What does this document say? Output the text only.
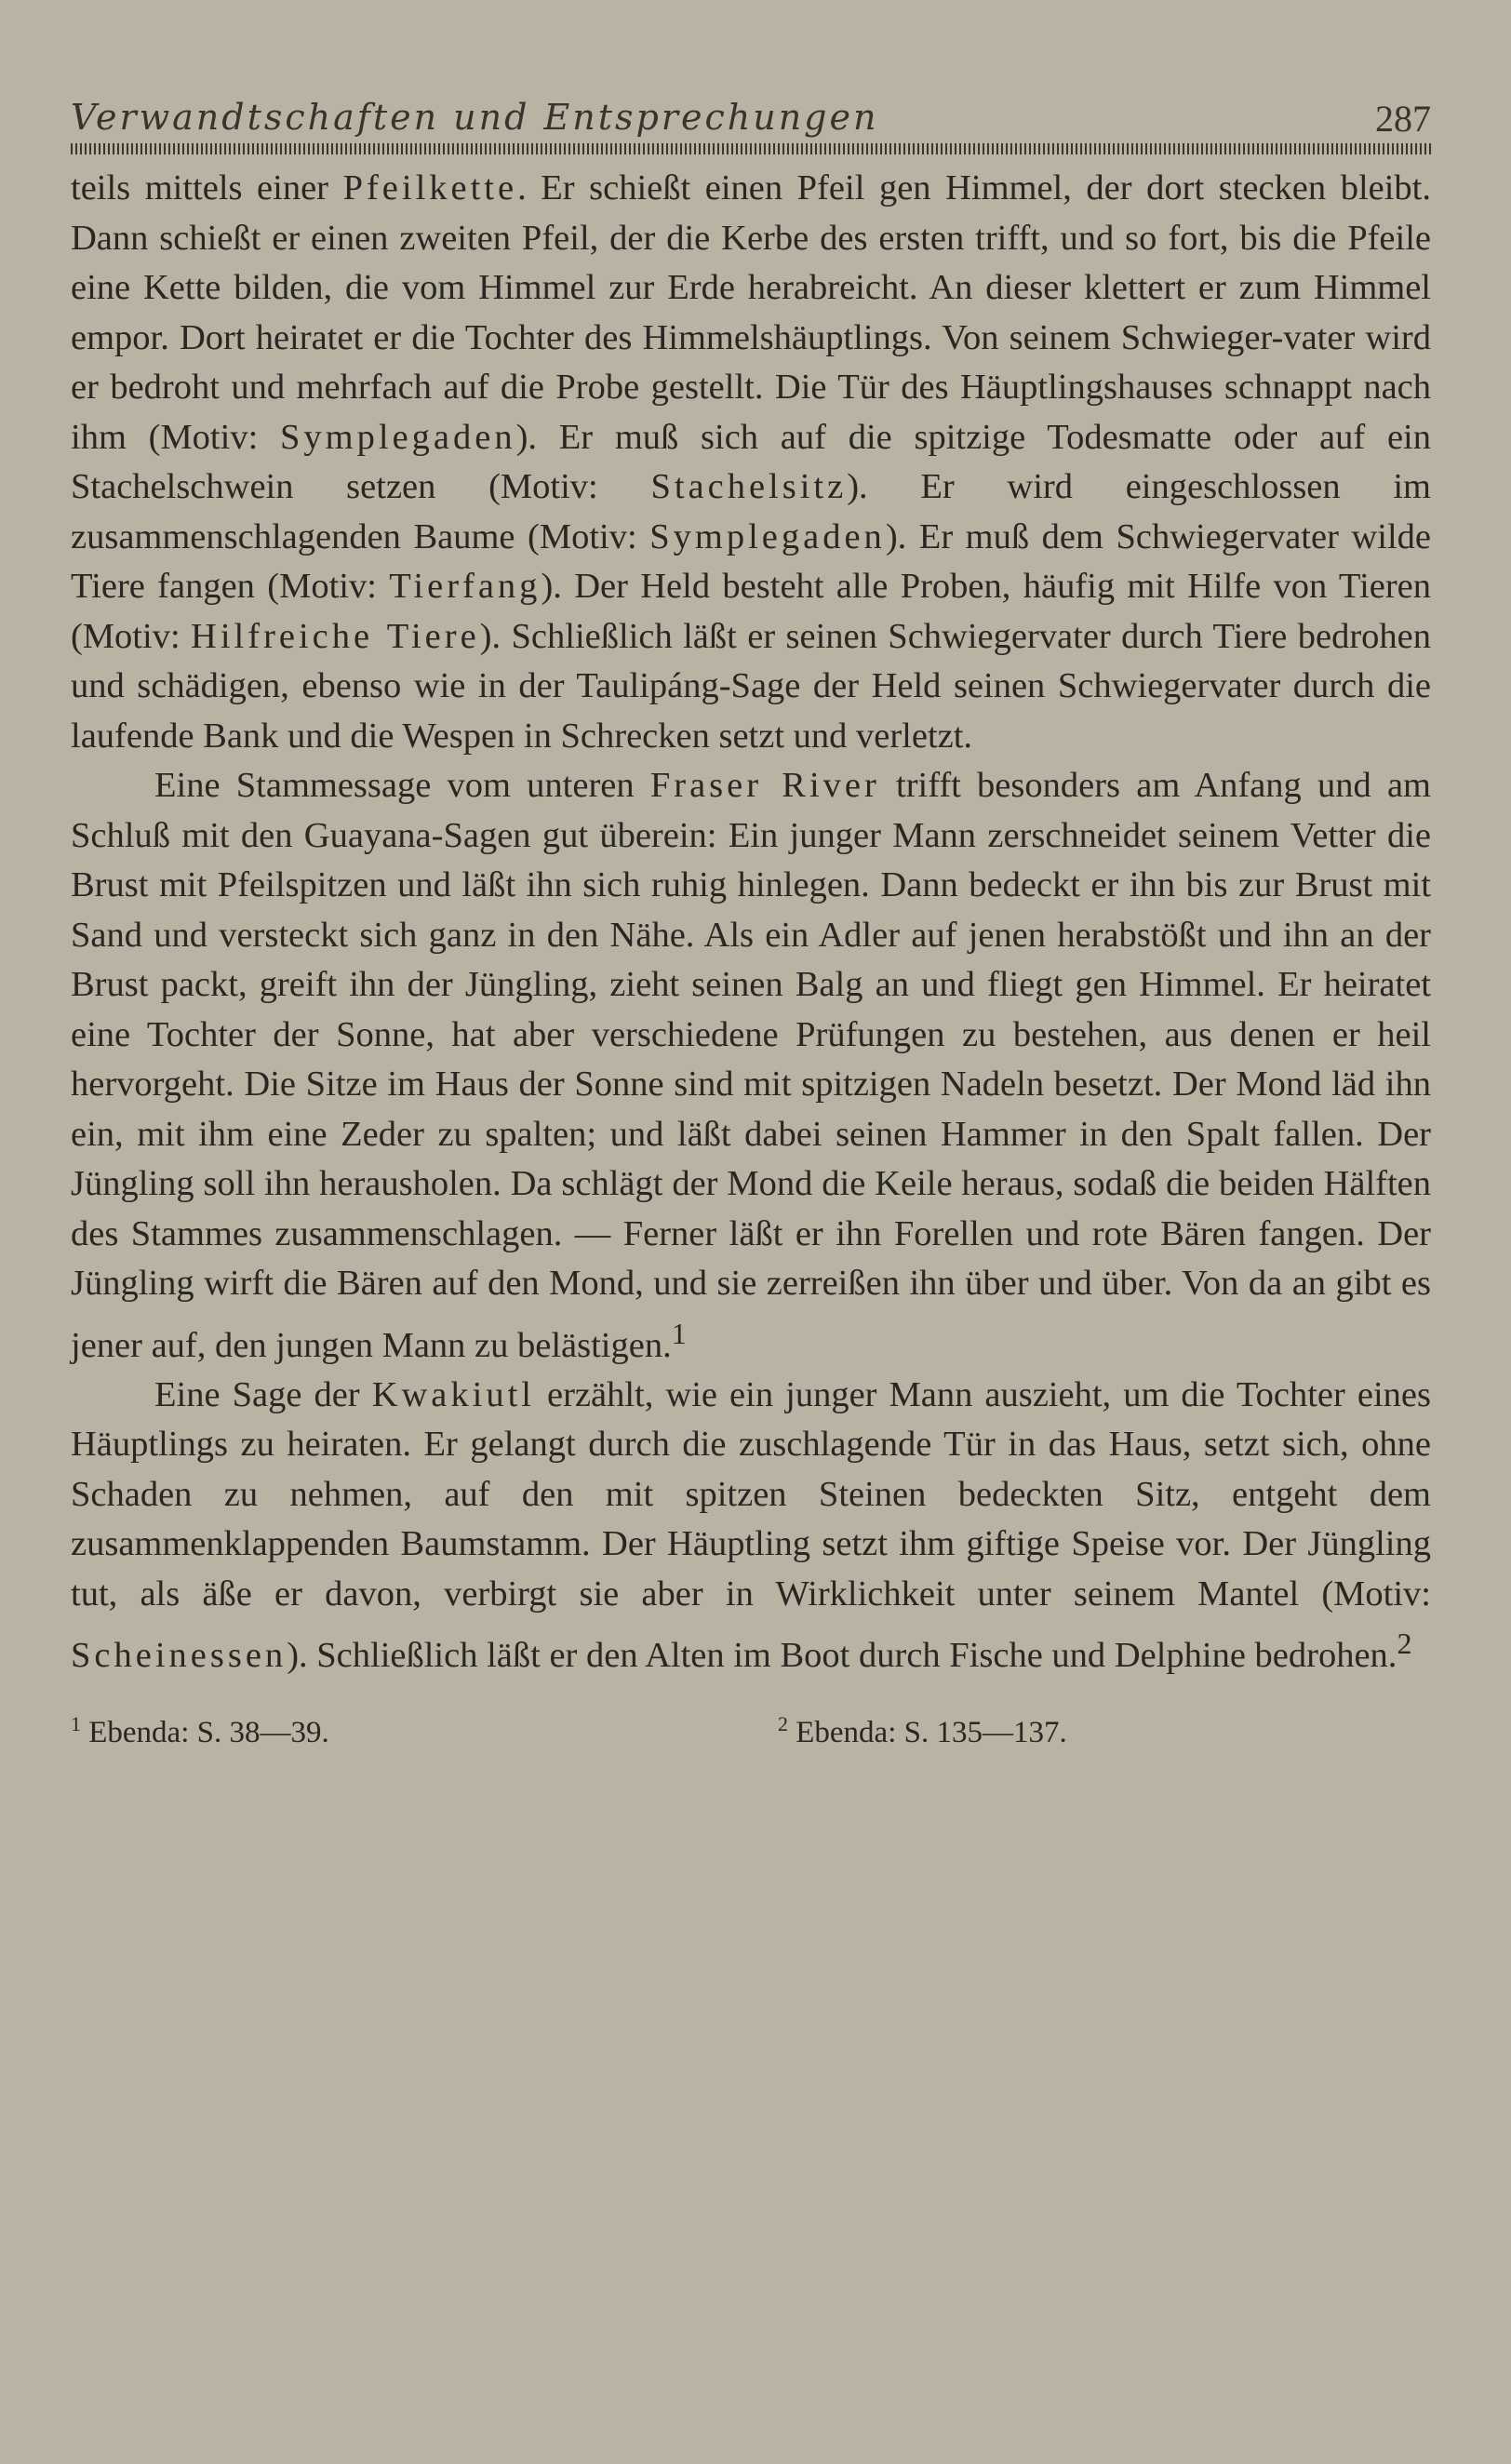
Verwandtschaften und Entsprechungen	287

teils mittels einer Pfeilkette. Er schießt einen Pfeil gen Himmel, der dort stecken bleibt. Dann schießt er einen zweiten Pfeil, der die Kerbe des ersten trifft, und so fort, bis die Pfeile eine Kette bilden, die vom Himmel zur Erde herabreicht. An dieser klettert er zum Himmel empor. Dort heiratet er die Tochter des Himmelshäuptlings. Von seinem Schwieger-vater wird er bedroht und mehrfach auf die Probe gestellt. Die Tür des Häuptlingshauses schnappt nach ihm (Motiv: Symplegaden). Er muß sich auf die spitzige Todesmatte oder auf ein Stachelschwein setzen (Motiv: Stachelsitz). Er wird eingeschlossen im zusammenschlagenden Baume (Motiv: Symplegaden). Er muß dem Schwiegervater wilde Tiere fangen (Motiv: Tierfang). Der Held besteht alle Proben, häufig mit Hilfe von Tieren (Motiv: Hilfreiche Tiere). Schließlich läßt er seinen Schwiegervater durch Tiere bedrohen und schädigen, ebenso wie in der Taulipáng-Sage der Held seinen Schwiegervater durch die laufende Bank und die Wespen in Schrecken setzt und verletzt.

Eine Stammessage vom unteren Fraser River trifft besonders am Anfang und am Schluß mit den Guayana-Sagen gut überein: Ein junger Mann zerschneidet seinem Vetter die Brust mit Pfeilspitzen und läßt ihn sich ruhig hinlegen. Dann bedeckt er ihn bis zur Brust mit Sand und versteckt sich ganz in den Nähe. Als ein Adler auf jenen herabstößt und ihn an der Brust packt, greift ihn der Jüngling, zieht seinen Balg an und fliegt gen Himmel. Er heiratet eine Tochter der Sonne, hat aber verschiedene Prüfungen zu bestehen, aus denen er heil hervorgeht. Die Sitze im Haus der Sonne sind mit spitzigen Nadeln besetzt. Der Mond läd ihn ein, mit ihm eine Zeder zu spalten; und läßt dabei seinen Hammer in den Spalt fallen. Der Jüngling soll ihn herausholen. Da schlägt der Mond die Keile heraus, sodaß die beiden Hälften des Stammes zusammenschlagen. — Ferner läßt er ihn Forellen und rote Bären fangen. Der Jüngling wirft die Bären auf den Mond, und sie zerreißen ihn über und über. Von da an gibt es jener auf, den jungen Mann zu belästigen.$^1$

Eine Sage der Kwakiutl erzählt, wie ein junger Mann auszieht, um die Tochter eines Häuptlings zu heiraten. Er gelangt durch die zuschlagende Tür in das Haus, setzt sich, ohne Schaden zu nehmen, auf den mit spitzen Steinen bedeckten Sitz, entgeht dem zusammenklappenden Baumstamm. Der Häuptling setzt ihm giftige Speise vor. Der Jüngling tut, als äße er davon, verbirgt sie aber in Wirklichkeit unter seinem Mantel (Motiv: Scheinessen). Schließlich läßt er den Alten im Boot durch Fische und Delphine bedrohen.$^2$

$^1$ Ebenda: S. 38—39.	$^2$ Ebenda: S. 135—137.
